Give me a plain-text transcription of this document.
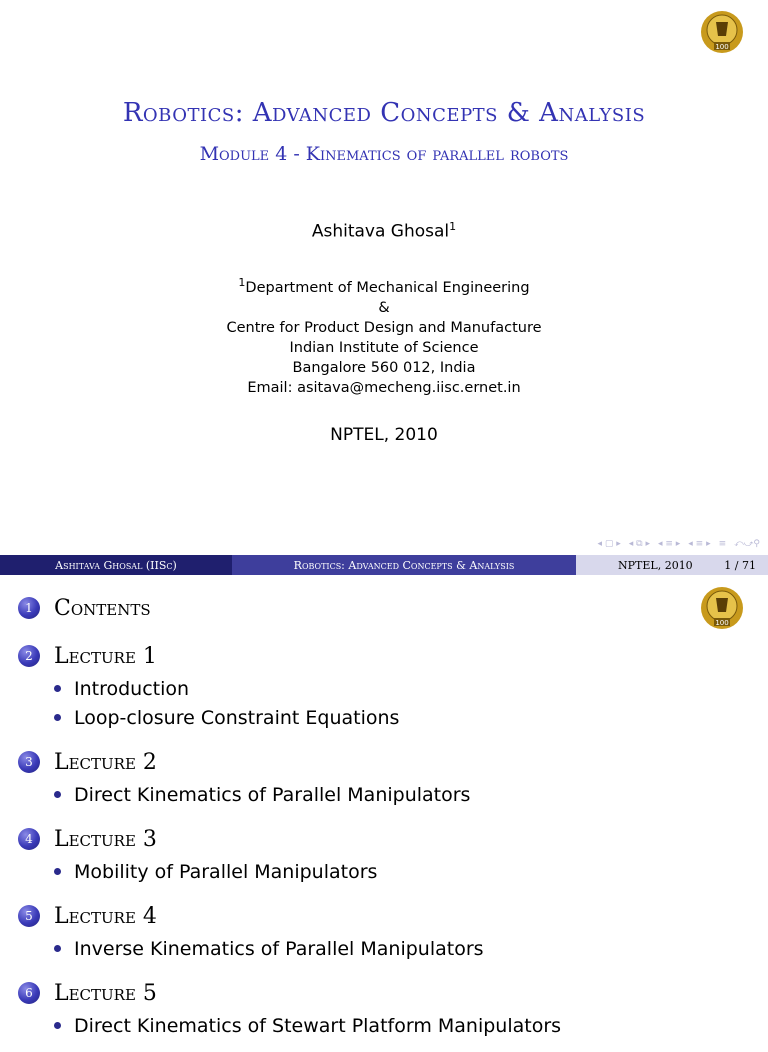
100
Robotics: Advanced Concepts & Analysis
Module 4 - Kinematics of parallel robots
Ashitava Ghosal$^1$
$^1$Department of Mechanical Engineering
&
Centre for Product Design and Manufacture
Indian Institute of Science
Bangalore 560 012, India
Email: asitava@mecheng.iisc.ernet.in
NPTEL, 2010
◂ ▢ ▸ ◂ ⧉ ▸ ◂ ≡ ▸ ◂ ≡ ▸ ≡ ⤺⤻⚲
Ashitava Ghosal (IISc)	Robotics: Advanced Concepts & Analysis	NPTEL, 2010	1 / 71
100
1 Contents
2 Lecture 1
Introduction
Loop-closure Constraint Equations
3 Lecture 2
Direct Kinematics of Parallel Manipulators
4 Lecture 3
Mobility of Parallel Manipulators
5 Lecture 4
Inverse Kinematics of Parallel Manipulators
6 Lecture 5
Direct Kinematics of Stewart Platform Manipulators
